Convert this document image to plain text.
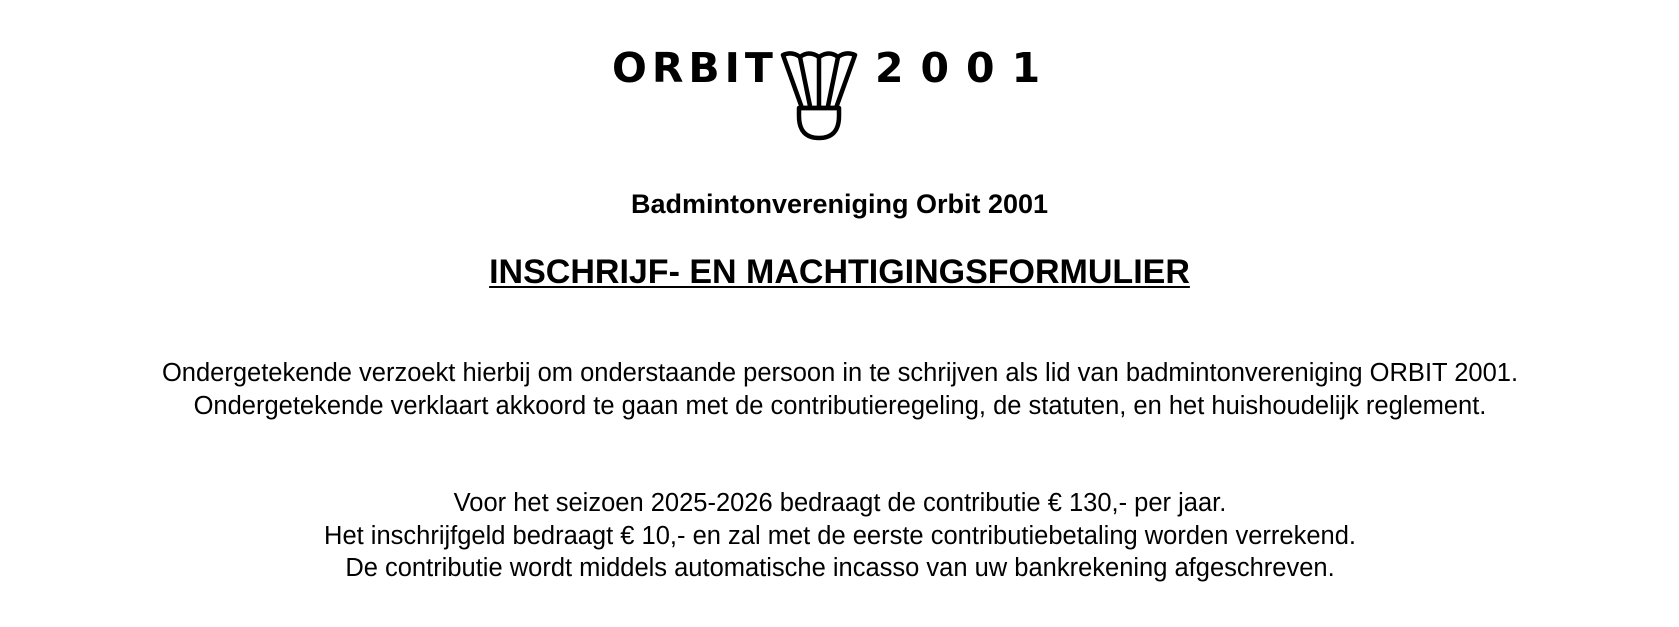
ORBIT 2001
Badmintonvereniging Orbit 2001
INSCHRIJF- EN MACHTIGINGSFORMULIER

Ondergetekende verzoekt hierbij om onderstaande persoon in te schrijven als lid van badmintonvereniging ORBIT 2001. Ondergetekende verklaart akkoord te gaan met de contributieregeling, de statuten, en het huishoudelijk reglement.

Voor het seizoen 2025-2026 bedraagt de contributie € 130,- per jaar.

Het inschrijfgeld bedraagt € 10,- en zal met de eerste contributiebetaling worden verrekend.

De contributie wordt middels automatische incasso van uw bankrekening afgeschreven.
